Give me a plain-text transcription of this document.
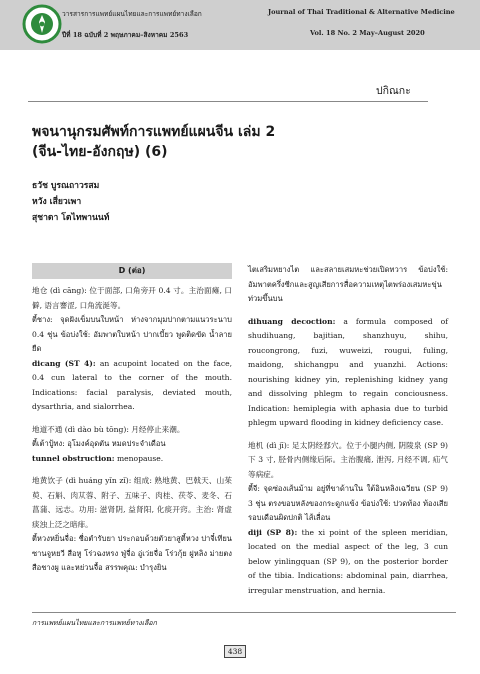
วารสารการแพทย์แผนไทยและการแพทย์ทางเลือก	Journal of Thai Traditional & Alternative Medicine
ปีที่ 18 ฉบับที่ 2 พฤษภาคม–สิงหาคม 2563	Vol. 18 No. 2 May–August 2020
ปกิณกะ
พจนานุกรมศัพท์การแพทย์แผนจีน เล่ม 2
(จีน-ไทย-อังกฤษ) (6)
ธวัช บูรณถาวรสม
หวัง เสี่ยวเพา
สุชาดา โตไทพานนท์
D (ต่อ)

地仓 (dì cāng): 位于面部, 口角旁开 0.4 寸。主治面瘫, 口僻, 语言謇涩, 口角流涎等。

ตี้ชาง: จุดฝังเข็มบนใบหน้า ห่างจากมุมปากตามแนวระนาบ 0.4 ชุ่น ข้อบ่งใช้: อัมพาตใบหน้า ปากเบี้ยว พูดติดขัด น้ำลายยืด

dicang (ST 4): an acupoint located on the face, 0.4 cun lateral to the corner of the mouth. Indications: facial paralysis, deviated mouth, dysarthria, and sialorrhea.

地道不通 (dì dào bù tōng): 月经停止来潮。

ตี้เต้าปู้ทง: อุโมงค์อุดตัน หมดประจำเดือน

tunnel obstruction: menopause.

地黄饮子 (dì huáng yǐn zǐ): 组成: 熟地黄、巴戟天、山茱萸、石斛、肉苁蓉、附子、五味子、肉桂、茯苓、麦冬、石菖蒲、远志。功用: 滋肾阴, 益肾阳, 化痰开窍。主治: 肾虚痰浊上泛之暗痱。

ตี้หวงหยิ่นจื่อ: ชื่อตำรับยา ประกอบด้วยตัวยาสูตี้หวง ปาจี๋เทียน ซานจูหยวี สือหู โร่วฉงหรง ฟู่จื่อ อู่เว่ยจื่อ โร่วกุ้ย ฝูหลิง ม่ายตง สือชางผู และหย่วนจื้อ สรรพคุณ: บำรุงยิน

ไตเสริมหยางไต และสลายเสมหะช่วยเปิดทวาร ข้อบ่งใช้: อัมพาตครึ่งซีกและสูญเสียการสื่อความเหตุไตพร่องเสมหะขุ่นท่วมขึ้นบน

dihuang decoction: a formula composed of shudihuang, bajitian, shanzhuyu, shihu, roucongrong, fuzi, wuweizi, rougui, fuling, maidong, shichangpu and yuanzhi. Actions: nourishing kidney yin, replenishing kidney yang and dissolving phlegm to regain conciousness. Indication: hemiplegia with aphasia due to turbid phlegm upward flooding in kidney deficiency case.

地机 (dì jī): 足太阴经郄穴。位于小腿内侧, 阴陵泉 (SP 9) 下 3 寸, 胫骨内侧缘后际。主治腹痛, 泄泻, 月经不调, 疝气等病症。

ตี้จี: จุดซ่องเส้นม้าม อยู่ที่ขาด้านใน ใต้อินหลิงเฉวียน (SP 9) 3 ชุ่น ตรงขอบหลังของกระดูกแข้ง ข้อบ่งใช้: ปวดท้อง ท้องเสีย รอบเดือนผิดปกติ ไส้เลื่อน

diji (SP 8): the xi point of the spleen meridian, located on the medial aspect of the leg, 3 cun below yinlingquan (SP 9), on the posterior border of the tibia. Indications: abdominal pain, diarrhea, irregular menstruation, and hernia.

การแพทย์แผนไทยและการแพทย์ทางเลือก
438
